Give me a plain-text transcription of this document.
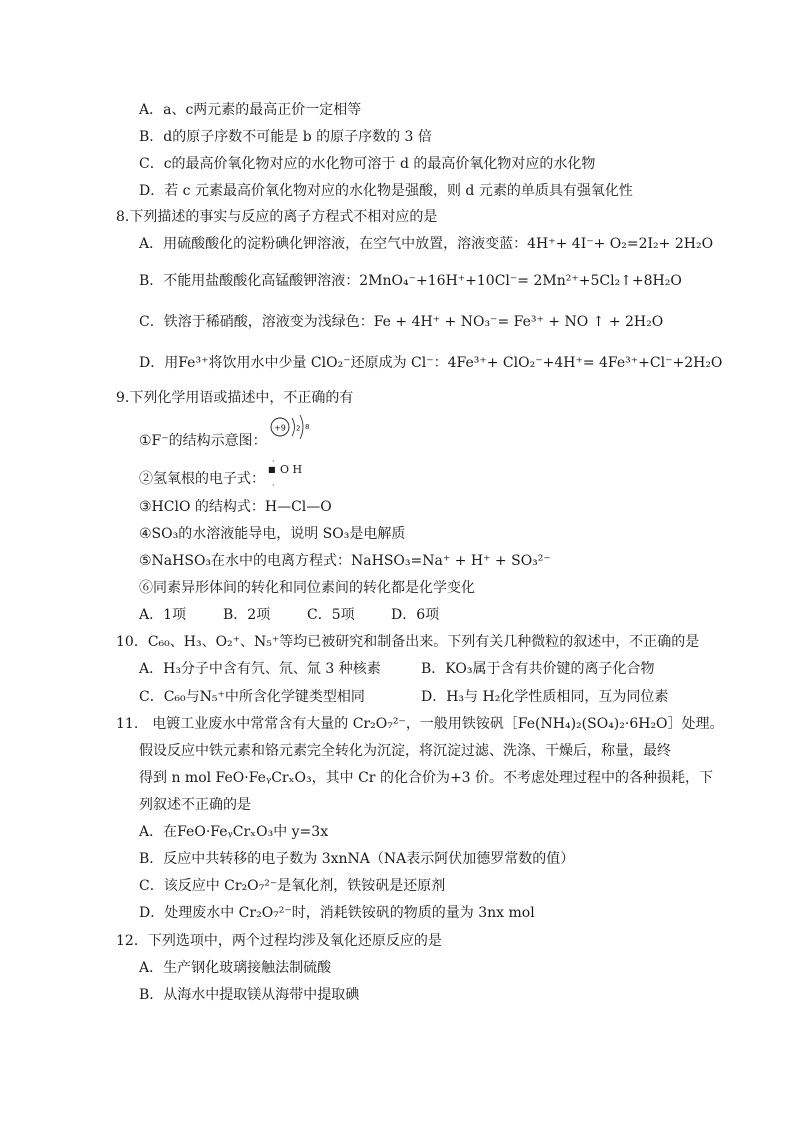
A．a、c两元素的最高正价一定相等
B．d的原子序数不可能是 b 的原子序数的 3 倍
C．c的最高价氧化物对应的水化物可溶于 d 的最高价氧化物对应的水化物
D．若 c 元素最高价氧化物对应的水化物是强酸，则 d 元素的单质具有强氧化性
8.下列描述的事实与反应的离子方程式不相对应的是
A．用硫酸酸化的淀粉碘化钾溶液，在空气中放置，溶液变蓝：4H⁺+ 4I⁻+ O₂=2I₂+ 2H₂O
B．不能用盐酸酸化高锰酸钾溶液：2MnO₄⁻+16H⁺+10Cl⁻= 2Mn²⁺+5Cl₂↑+8H₂O
C．铁溶于稀硝酸，溶液变为浅绿色：Fe + 4H⁺ + NO₃⁻= Fe³⁺ + NO ↑ + 2H₂O
D．用Fe³⁺将饮用水中少量 ClO₂⁻还原成为 Cl⁻：4Fe³⁺+ ClO₂⁻+4H⁺= 4Fe³⁺+Cl⁻+2H₂O
9.下列化学用语或描述中，不正确的有
①F⁻的结构示意图：
+9 2 8
②氢氧根的电子式：
· ·
■ O H
③HClO 的结构式：H—Cl—O
④SO₃的水溶液能导电，说明 SO₃是电解质
⑤NaHSO₃在水中的电离方程式：NaHSO₃=Na⁺ + H⁺ + SO₃²⁻
⑥同素异形体间的转化和同位素间的转化都是化学变化
A．1项	B．2项	C．5项	D．6项
10．C₆₀、H₃、O₂⁺、N₅⁺等均已被研究和制备出来。下列有关几种微粒的叙述中，不正确的是
A．H₃分子中含有氕、氘、氚 3 种核素	B．KO₃属于含有共价键的离子化合物
C．C₆₀与N₅⁺中所含化学键类型相同	D．H₃与 H₂化学性质相同，互为同位素
11.　电镀工业废水中常常含有大量的 Cr₂O₇²⁻，一般用铁铵矾［Fe(NH₄)₂(SO₄)₂·6H₂O］处理。
假设反应中铁元素和铬元素完全转化为沉淀，将沉淀过滤、洗涤、干燥后，称量，最终
得到 n mol FeO·FeᵧCrₓO₃，其中 Cr 的化合价为+3 价。不考虑处理过程中的各种损耗，下
列叙述不正确的是
A．在FeO·FeᵧCrₓO₃中 y=3x
B．反应中共转移的电子数为 3xnNA（NA表示阿伏加德罗常数的值）
C．该反应中 Cr₂O₇²⁻是氧化剂，铁铵矾是还原剂
D．处理废水中 Cr₂O₇²⁻时，消耗铁铵矾的物质的量为 3nx mol
12．下列选项中，两个过程均涉及氧化还原反应的是
A．生产钢化玻璃接触法制硫酸
B．从海水中提取镁从海带中提取碘
